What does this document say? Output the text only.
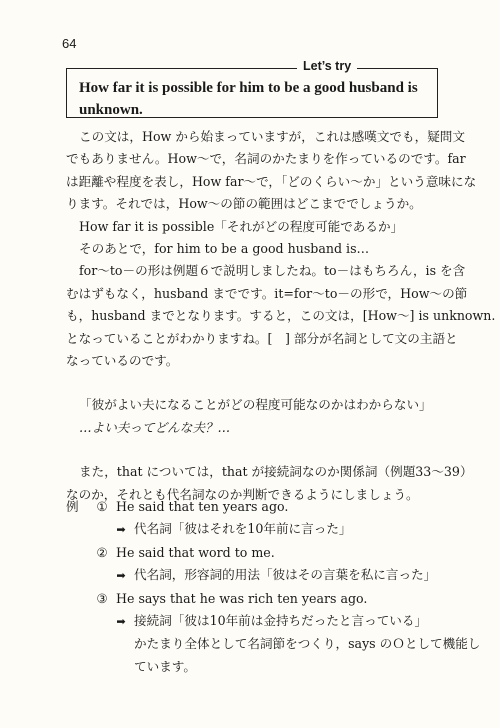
64
Let’s try
How far it is possible for him to be a good husband is
unknown.

この文は，How から始まっていますが，これは感嘆文でも，疑問文

でもありません。How～で，名詞のかたまりを作っているのです。far

は距離や程度を表し，How far～で，「どのくらい～か」という意味にな

ります。それでは，How～の節の範囲はどこまででしょうか。

How far it is possible「それがどの程度可能であるか」

そのあとで，for him to be a good husband is…

for～to－の形は例題６で説明しましたね。to－はもちろん，is を含

むはずもなく，husband までです。it=for～to－の形で，How～の節

も，husband までとなります。すると，この文は，[How～] is unknown.

となっていることがわかりますね。[　] 部分が名詞として文の主語と

なっているのです。

「彼がよい夫になることがどの程度可能なのかはわからない」

…よい夫ってどんな夫？…

また，that については，that が接続詞なのか関係詞（例題33～39）

なのか，それとも代名詞なのか判断できるようにしましょう。

例 ① He said that ten years ago.
➡ 代名詞「彼はそれを10年前に言った」
② He said that word to me.
➡ 代名詞，形容詞的用法「彼はその言葉を私に言った」
③ He says that he was rich ten years ago.
➡ 接続詞「彼は10年前は金持ちだったと言っている」
かたまり全体として名詞節をつくり，says のＯとして機能し
ています。
